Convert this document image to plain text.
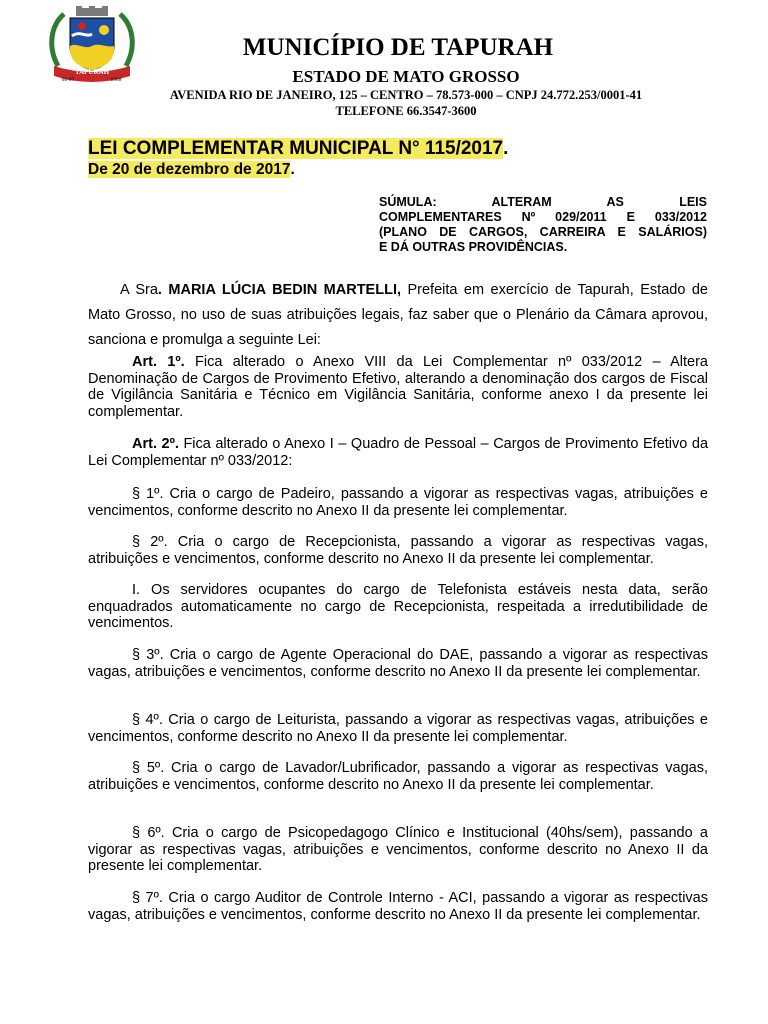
TAPURAH
08-07	1988
MUNICÍPIO DE TAPURAH
ESTADO DE MATO GROSSO
AVENIDA RIO DE JANEIRO, 125 – CENTRO – 78.573-000 – CNPJ 24.772.253/0001-41
TELEFONE 66.3547-3600
LEI COMPLEMENTAR MUNICIPAL N° 115/2017.
De 20 de dezembro de 2017.
SÚMULA: ALTERAM AS LEIS
COMPLEMENTARES Nº 029/2011 E 033/2012
(PLANO DE CARGOS, CARREIRA E SALÁRIOS)
E DÁ OUTRAS PROVIDÊNCIAS.
A Sra. MARIA LÚCIA BEDIN MARTELLI, Prefeita em exercício de Tapurah, Estado de Mato Grosso, no uso de suas atribuições legais, faz saber que o Plenário da Câmara aprovou, sanciona e promulga a seguinte Lei:
Art. 1º. Fica alterado o Anexo VIII da Lei Complementar nº 033/2012 – Altera Denominação de Cargos de Provimento Efetivo, alterando a denominação dos cargos de Fiscal de Vigilância Sanitária e Técnico em Vigilância Sanitária, conforme anexo I da presente lei complementar.
Art. 2º. Fica alterado o Anexo I – Quadro de Pessoal – Cargos de Provimento Efetivo da Lei Complementar nº 033/2012:
§ 1º. Cria o cargo de Padeiro, passando a vigorar as respectivas vagas, atribuições e vencimentos, conforme descrito no Anexo II da presente lei complementar.
§ 2º. Cria o cargo de Recepcionista, passando a vigorar as respectivas vagas, atribuições e vencimentos, conforme descrito no Anexo II da presente lei complementar.
I. Os servidores ocupantes do cargo de Telefonista estáveis nesta data, serão enquadrados automaticamente no cargo de Recepcionista, respeitada a irredutibilidade de vencimentos.
§ 3º. Cria o cargo de Agente Operacional do DAE, passando a vigorar as respectivas vagas, atribuições e vencimentos, conforme descrito no Anexo II da presente lei complementar.
§ 4º. Cria o cargo de Leiturista, passando a vigorar as respectivas vagas, atribuições e vencimentos, conforme descrito no Anexo II da presente lei complementar.
§ 5º. Cria o cargo de Lavador/Lubrificador, passando a vigorar as respectivas vagas, atribuições e vencimentos, conforme descrito no Anexo II da presente lei complementar.
§ 6º. Cria o cargo de Psicopedagogo Clínico e Institucional (40hs/sem), passando a vigorar as respectivas vagas, atribuições e vencimentos, conforme descrito no Anexo II da presente lei complementar.
§ 7º. Cria o cargo Auditor de Controle Interno - ACI, passando a vigorar as respectivas vagas, atribuições e vencimentos, conforme descrito no Anexo II da presente lei complementar.
